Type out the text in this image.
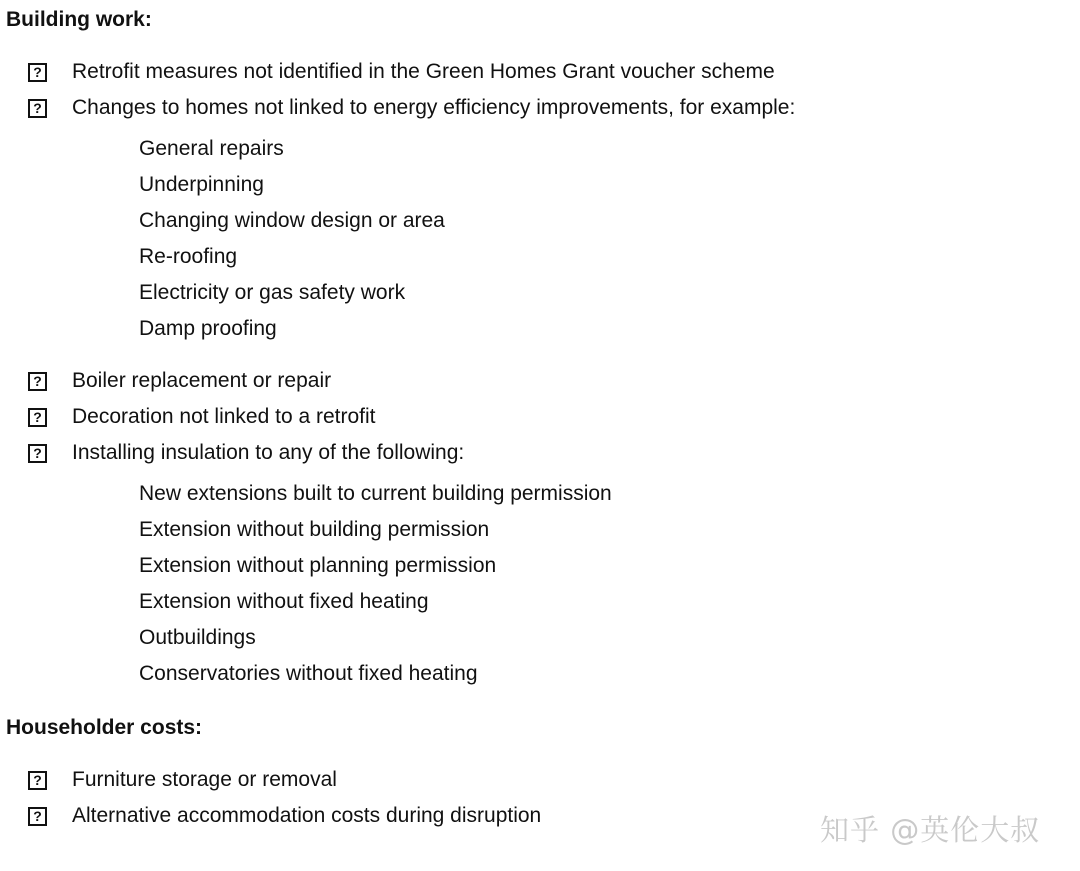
Building work:
? Retrofit measures not identified in the Green Homes Grant voucher scheme
? Changes to homes not linked to energy efficiency improvements, for example:
General repairs
Underpinning
Changing window design or area
Re-roofing
Electricity or gas safety work
Damp proofing
? Boiler replacement or repair
? Decoration not linked to a retrofit
? Installing insulation to any of the following:
New extensions built to current building permission
Extension without building permission
Extension without planning permission
Extension without fixed heating
Outbuildings
Conservatories without fixed heating
Householder costs:
? Furniture storage or removal
? Alternative accommodation costs during disruption	知乎 @英伦大叔
